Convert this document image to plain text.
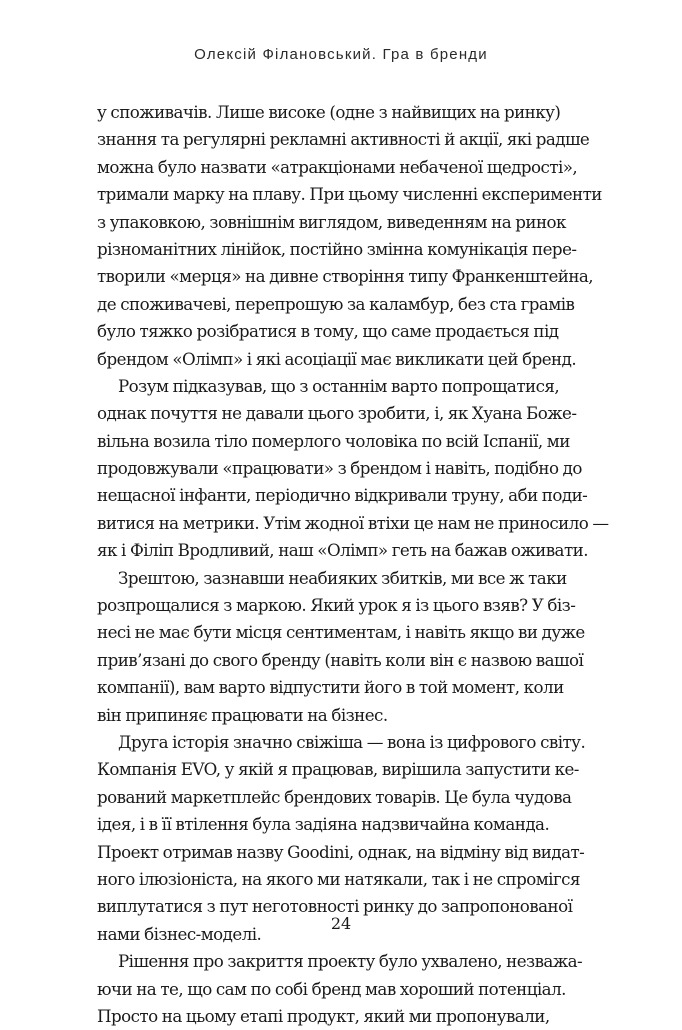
Олексій Філановський. Гра в бренди
у споживачів. Лише високе (одне з найвищих на ринку)
знання та регулярні рекламні активності й акції, які радше
можна було назвати «атракціонами небаченої щедрості»,
тримали марку на плаву. При цьому численні експерименти
з упаковкою, зовнішнім виглядом, виведенням на ринок
різноманітних лінійок, постійно змінна комунікація пере-
творили «мерця» на дивне створіння типу Франкенштейна,
де споживачеві, перепрошую за каламбур, без ста грамів
було тяжко розібратися в тому, що саме продається під
брендом «Олімп» і які асоціації має викликати цей бренд.
Розум підказував, що з останнім варто попрощатися,
однак почуття не давали цього зробити, і, як Хуана Боже-
вільна возила тіло померлого чоловіка по всій Іспанії, ми
продовжували «працювати» з брендом і навіть, подібно до
нещасної інфанти, періодично відкривали труну, аби поди-
витися на метрики. Утім жодної втіхи це нам не приносило —
як і Філіп Вродливий, наш «Олімп» геть на бажав оживати.
Зрештою, зазнавши неабияких збитків, ми все ж таки
розпрощалися з маркою. Який урок я із цього взяв? У біз-
несі не має бути місця сентиментам, і навіть якщо ви дуже
прив’язані до свого бренду (навіть коли він є назвою вашої
компанії), вам варто відпустити його в той момент, коли
він припиняє працювати на бізнес.
Друга історія значно свіжіша — вона із цифрового світу.
Компанія EVO, у якій я працював, вирішила запустити ке-
рований маркетплейс брендових товарів. Це була чудова
ідея, і в її втілення була задіяна надзвичайна команда.
Проект отримав назву Goodini, однак, на відміну від видат-
ного ілюзіоніста, на якого ми натякали, так і не спромігся
виплутатися з пут неготовності ринку до запропонованої
нами бізнес-моделі.
Рішення про закриття проекту було ухвалено, незважа-
ючи на те, що сам по собі бренд мав хороший потенціал.
Просто на цьому етапі продукт, який ми пропонували,
24
